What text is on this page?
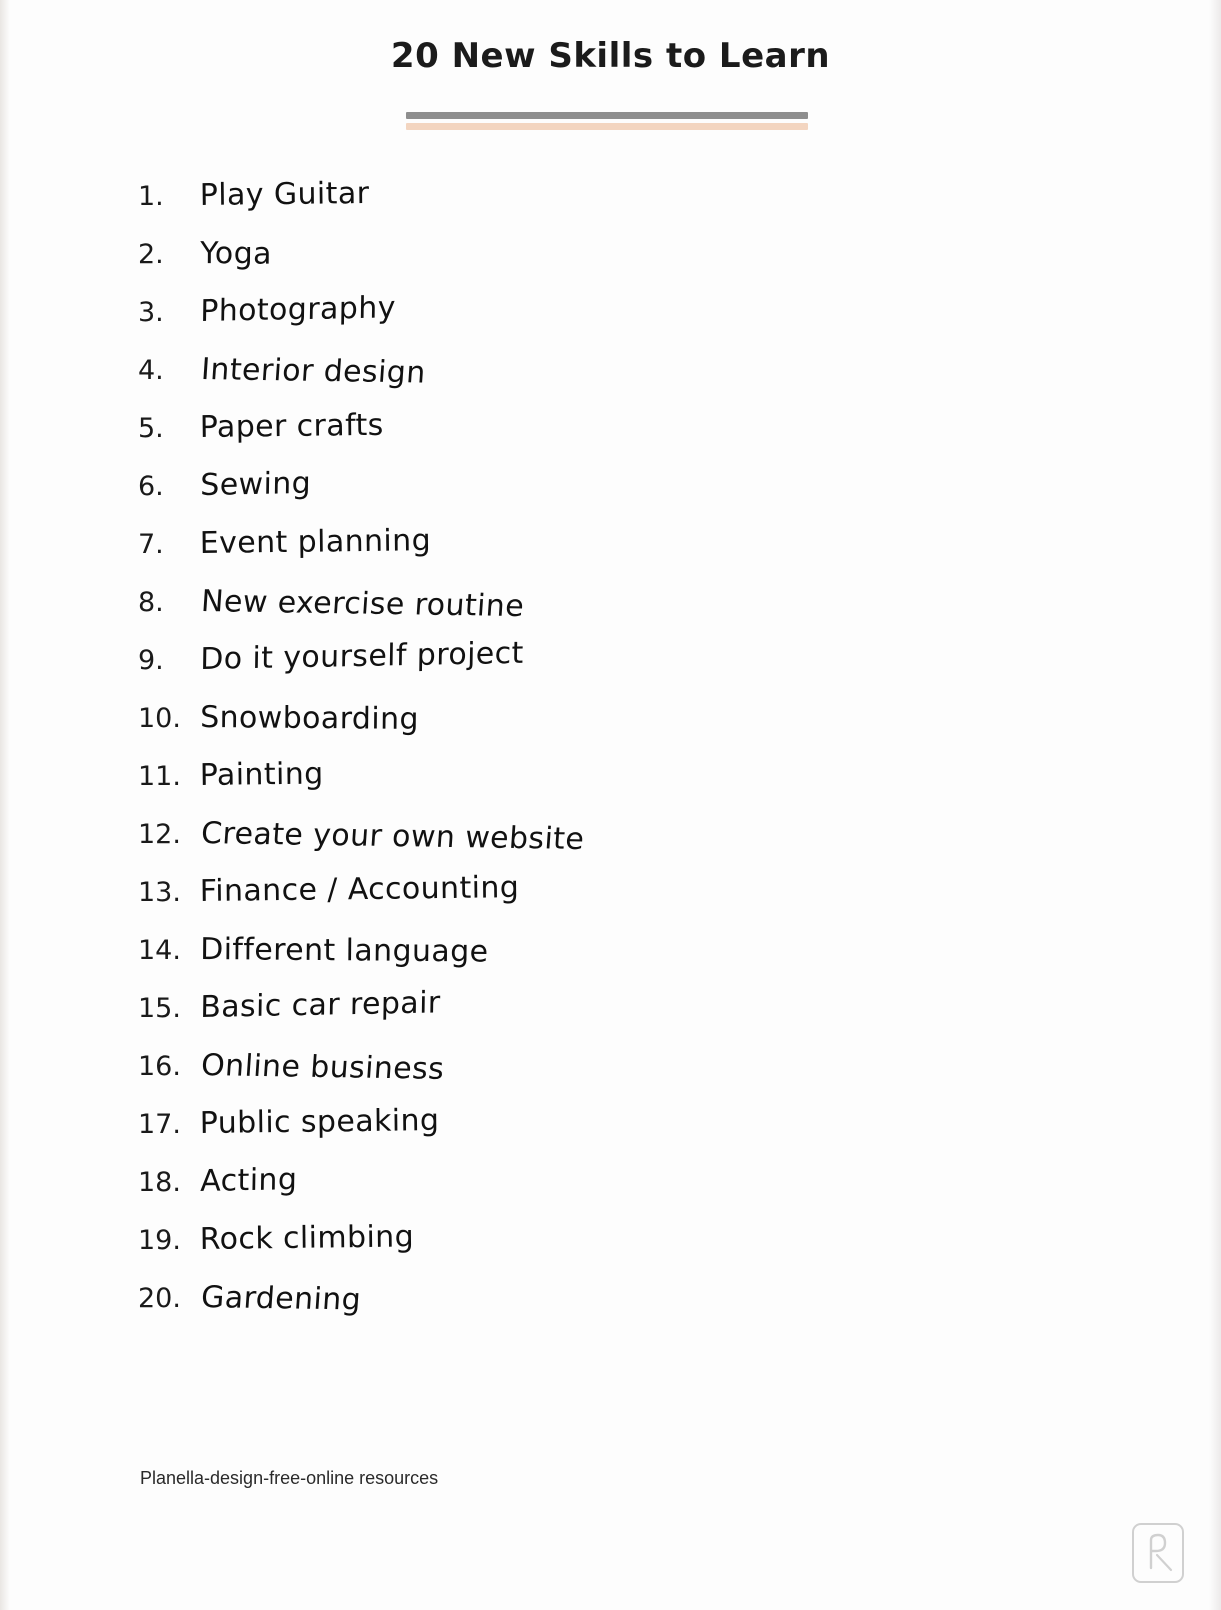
20 New Skills to Learn
1.	Play Guitar
2.	Yoga
3.	Photography
4.	Interior design
5.	Paper crafts
6.	Sewing
7.	Event planning
8.	New exercise routine
9.	Do it yourself project
10. Snowboarding
11. Painting
12. Create your own website
13. Finance / Accounting
14. Different language
15. Basic car repair
16. Online business
17. Public speaking
18. Acting
19. Rock climbing
20. Gardening
Planella-design-free-online resources
